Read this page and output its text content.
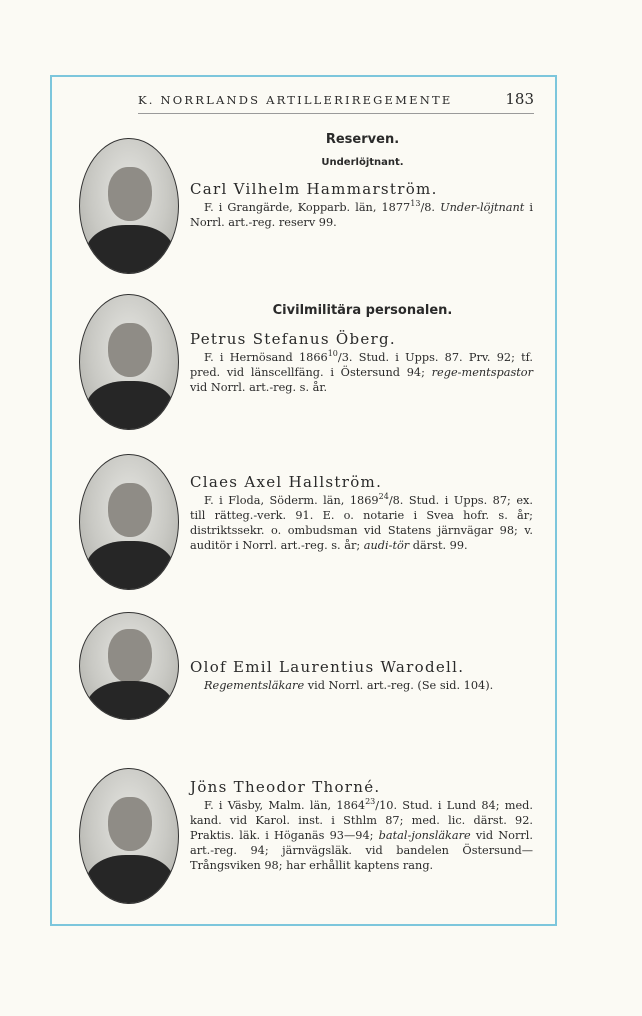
K. NORRLANDS ARTILLERIREGEMENTE	183
Reserven.
Underlöjtnant.
Civilmilitära personalen.
Carl Vilhelm Hammarström.
F. i Grangärde, Kopparb. län, 1877$^{13}$/8. Under-löjtnant i Norrl. art.-reg. reserv 99.
Petrus Stefanus Öberg.
F. i Hernösand 1866$^{10}$/3. Stud. i Upps. 87. Prv. 92; tf. pred. vid länscellfäng. i Östersund 94; rege-mentspastor vid Norrl. art.-reg. s. år.
Claes Axel Hallström.
F. i Floda, Söderm. län, 1869$^{24}$/8. Stud. i Upps. 87; ex. till rätteg.-verk. 91. E. o. notarie i Svea hofr. s. år; distriktssekr. o. ombudsman vid Statens järnvägar 98; v. auditör i Norrl. art.-reg. s. år; audi-tör därst. 99.
Olof Emil Laurentius Warodell.
Regementsläkare vid Norrl. art.-reg. (Se sid. 104).
Jöns Theodor Thorné.
F. i Väsby, Malm. län, 1864$^{23}$/10. Stud. i Lund 84; med. kand. vid Karol. inst. i Sthlm 87; med. lic. därst. 92. Praktis. läk. i Höganäs 93—94; batal-jonsläkare vid Norrl. art.-reg. 94; järnvägsläk. vid bandelen Östersund—Trångsviken 98; har erhållit kaptens rang.
